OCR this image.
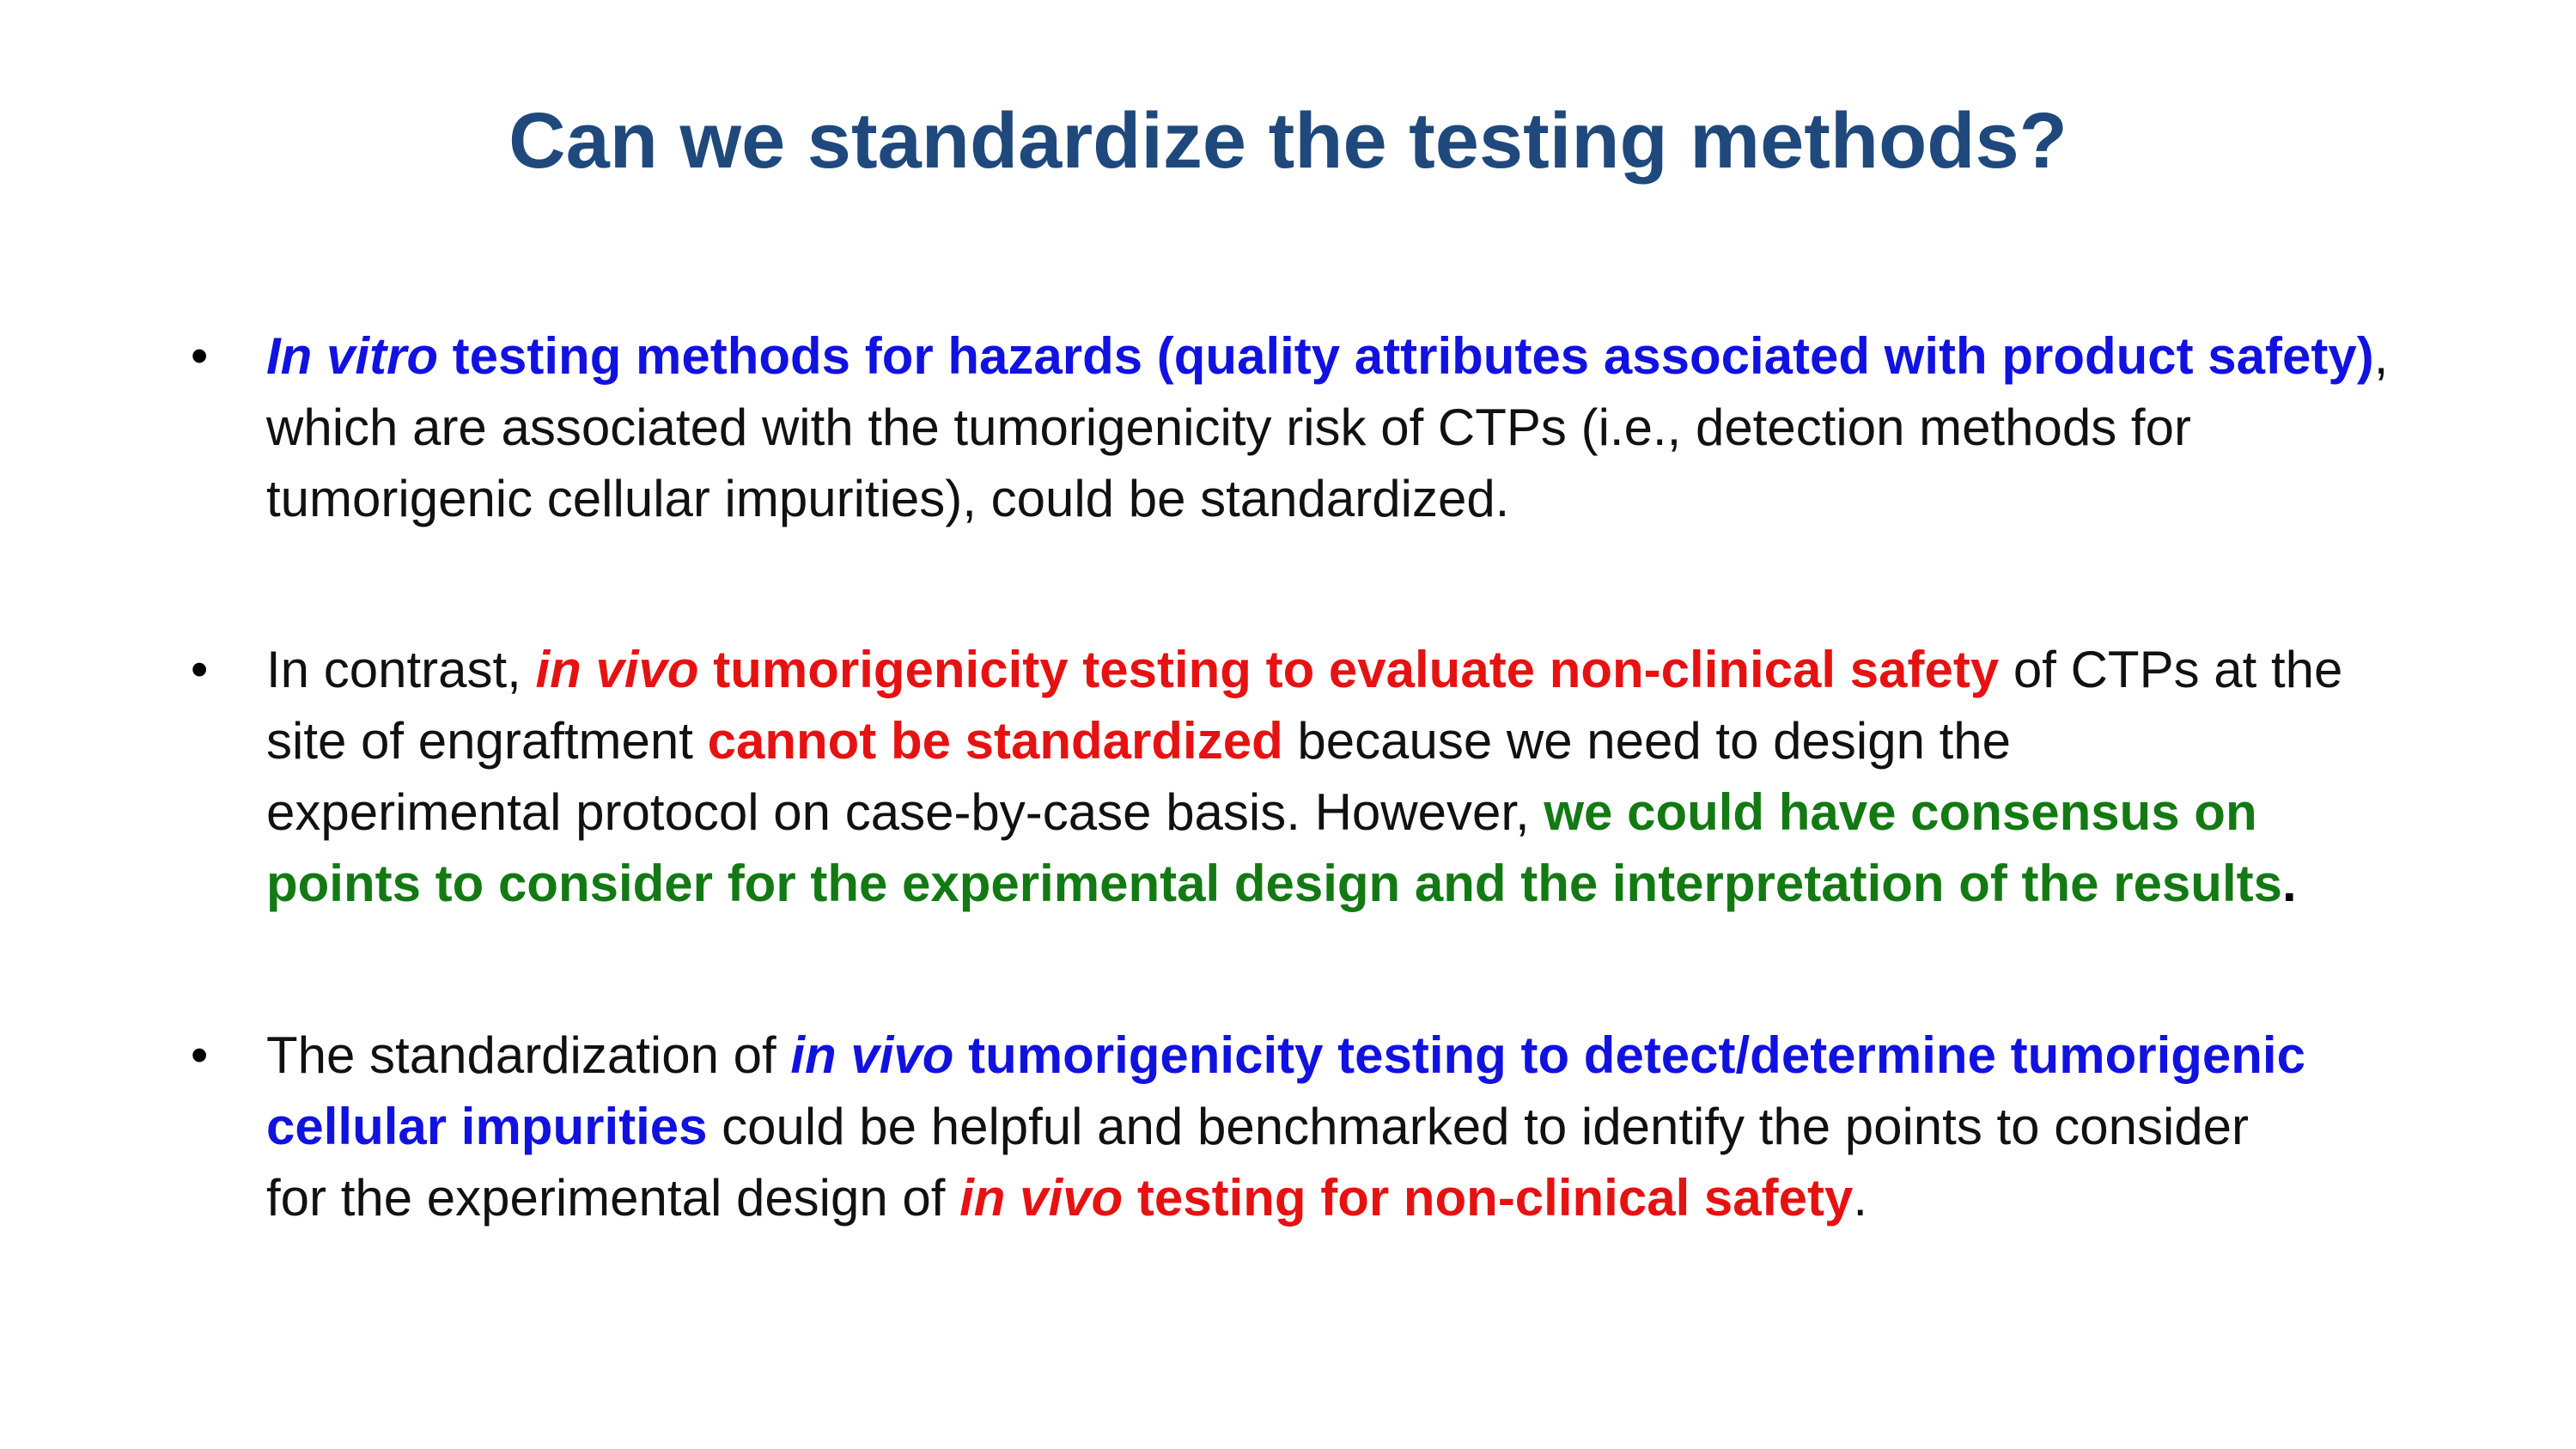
Can we standardize the testing methods?
•	In vitro testing methods for hazards (quality attributes associated with product safety),
which are associated with the tumorigenicity risk of CTPs (i.e., detection methods for
tumorigenic cellular impurities), could be standardized.
•	In contrast, in vivo tumorigenicity testing to evaluate non-clinical safety of CTPs at the
site of engraftment cannot be standardized because we need to design the
experimental protocol on case-by-case basis. However, we could have consensus on
points to consider for the experimental design and the interpretation of the results.
•	The standardization of in vivo tumorigenicity testing to detect/determine tumorigenic
cellular impurities could be helpful and benchmarked to identify the points to consider
for the experimental design of in vivo testing for non-clinical safety.
